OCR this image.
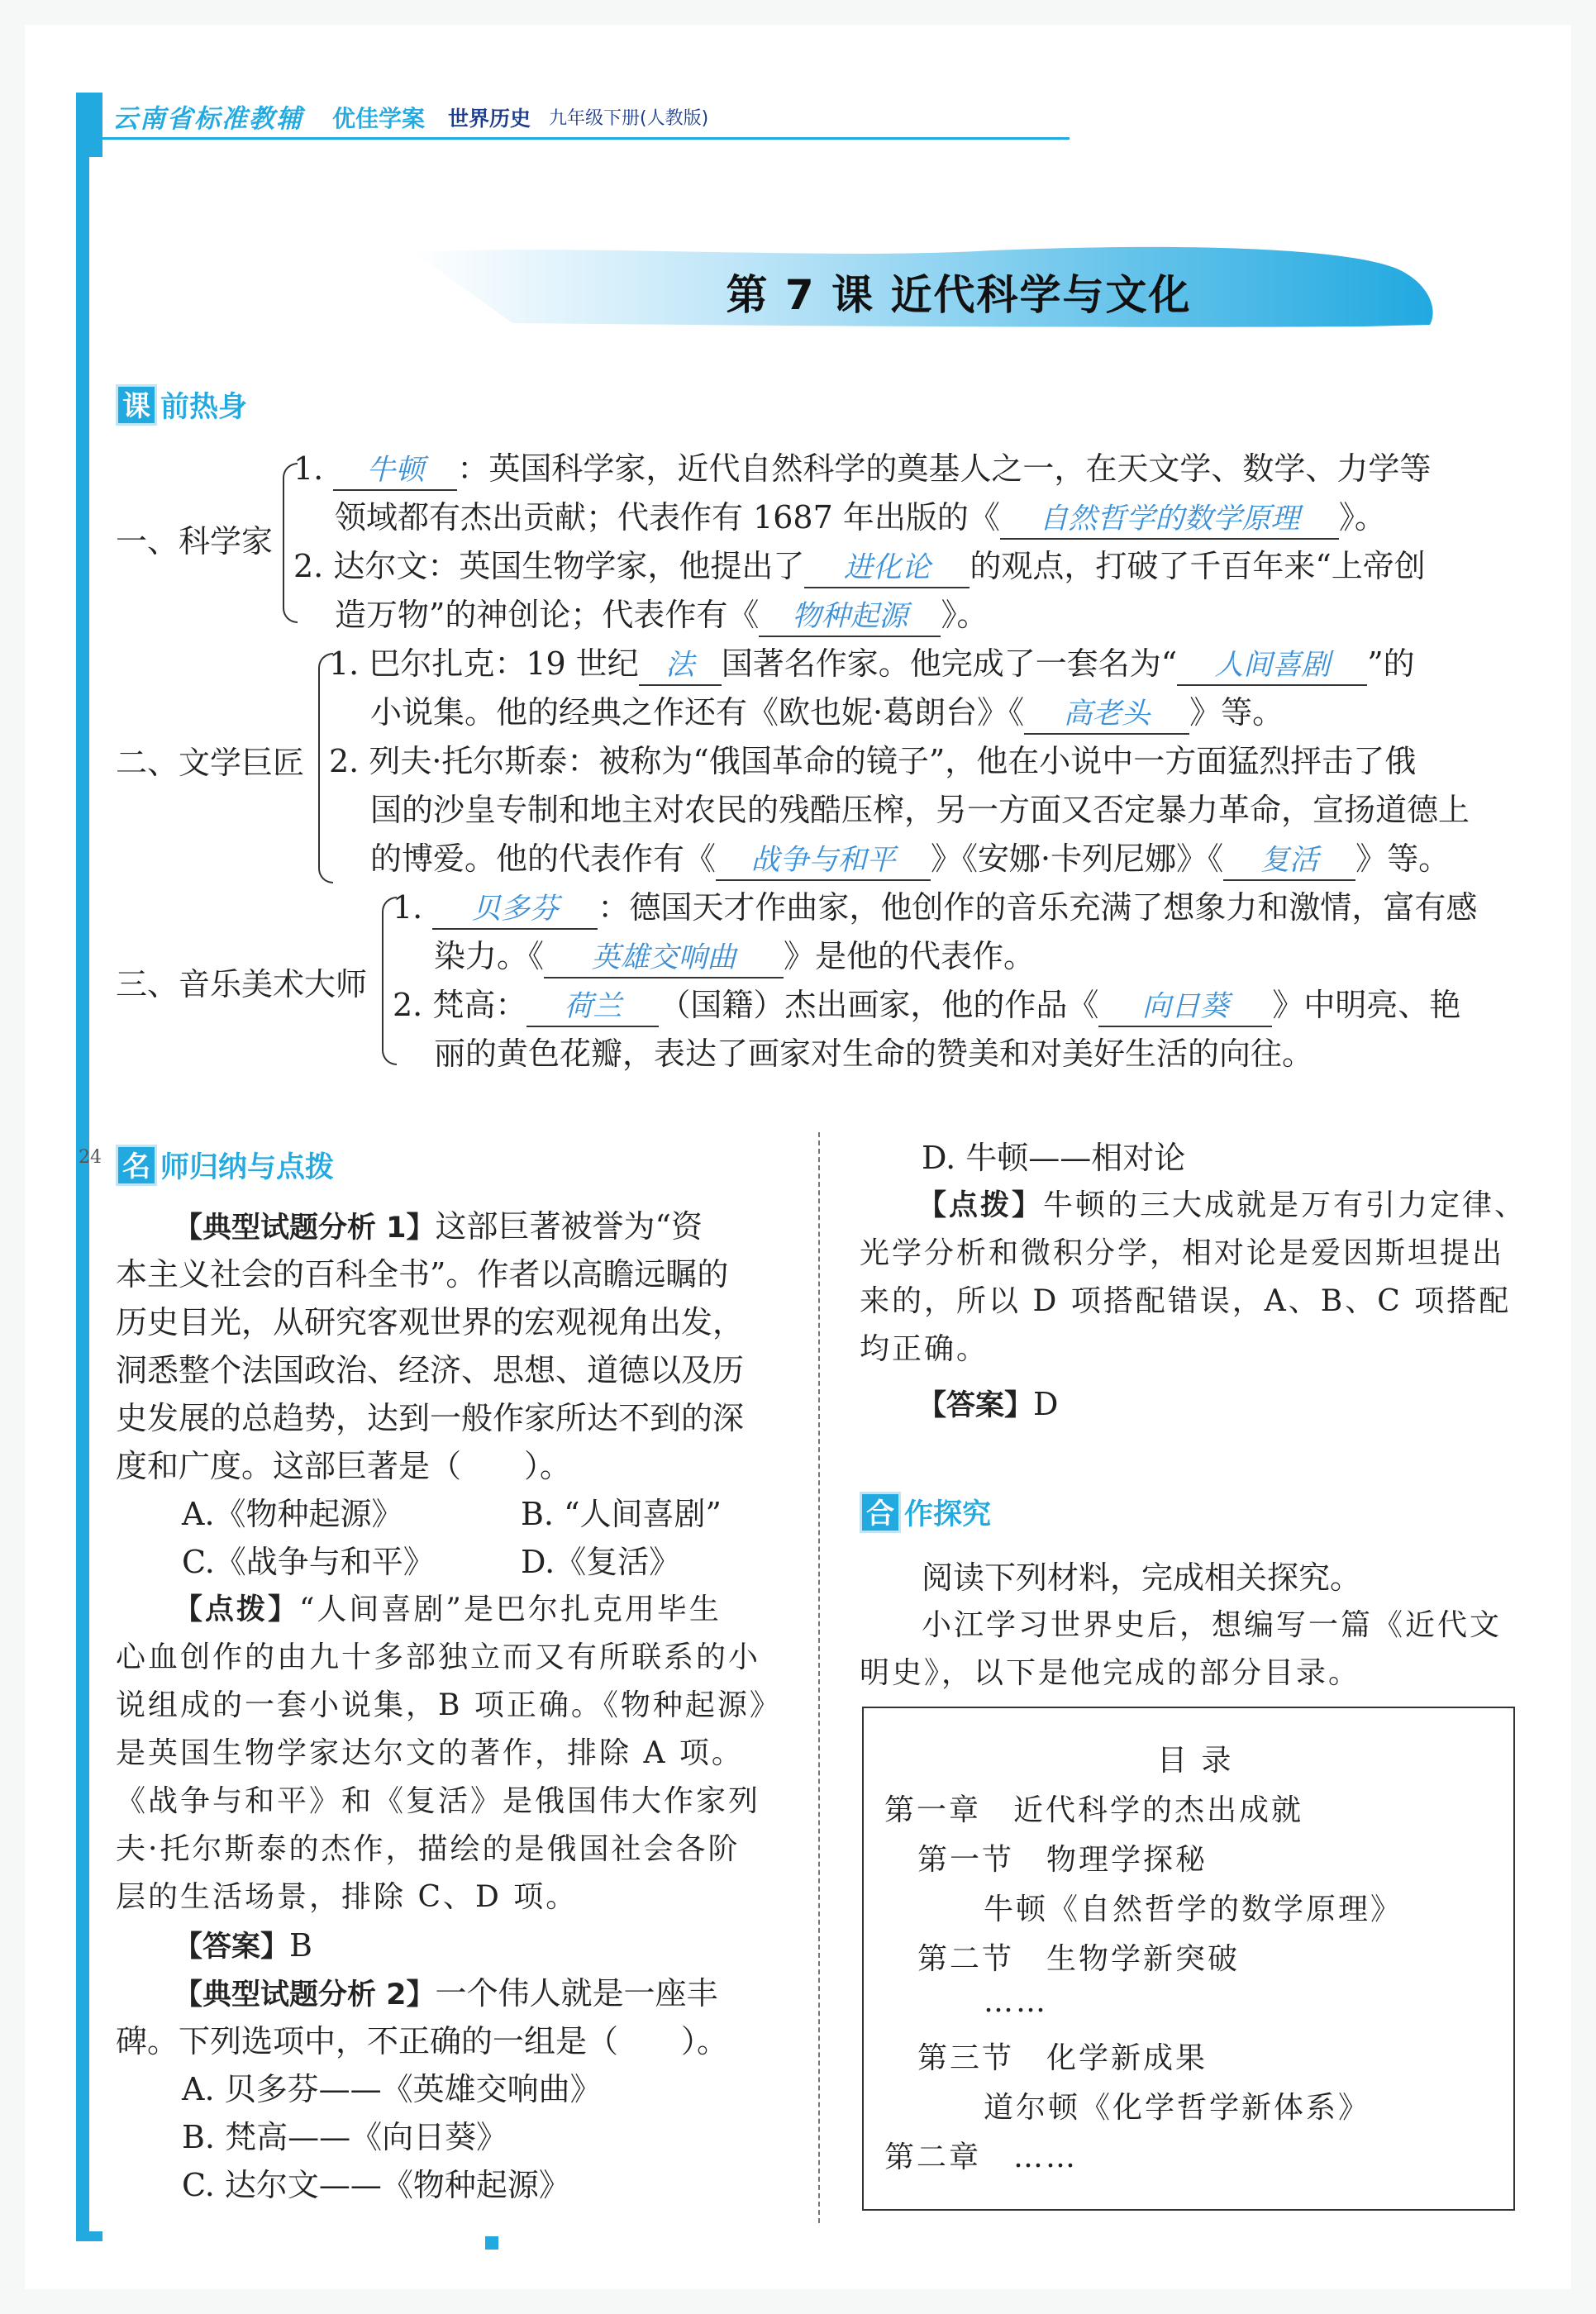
24
云南省标准教辅 优佳学案 世界历史 九年级下册(人教版)
第 7 课 近代科学与文化
课 前热身
一、科学家
二、文学巨匠
三、音乐美术大师
1. 牛顿 ：英国科学家，近代自然科学的奠基人之一，在天文学、数学、力学等
领域都有杰出贡献；代表作有 1687 年出版的《 自然哲学的数学原理 》。
2. 达尔文：英国生物学家，他提出了 进化论 的观点，打破了千百年来“上帝创
造万物”的神创论；代表作有《 物种起源 》。
1. 巴尔扎克：19 世纪 法 国著名作家。他完成了一套名为“ 人间喜剧 ”的
小说集。他的经典之作还有《欧也妮·葛朗台》《 高老头 》等。
2. 列夫·托尔斯泰：被称为“俄国革命的镜子”，他在小说中一方面猛烈抨击了俄
国的沙皇专制和地主对农民的残酷压榨，另一方面又否定暴力革命，宣扬道德上
的博爱。他的代表作有《 战争与和平 》《安娜·卡列尼娜》《 复活 》等。
1. 贝多芬 ：德国天才作曲家，他创作的音乐充满了想象力和激情，富有感
染力。《 英雄交响曲 》是他的代表作。
2. 梵高： 荷兰 （国籍）杰出画家，他的作品《 向日葵 》中明亮、艳
丽的黄色花瓣，表达了画家对生命的赞美和对美好生活的向往。
名 师归纳与点拨
【典型试题分析 1】这部巨著被誉为“资
本主义社会的百科全书”。作者以高瞻远瞩的
历史目光，从研究客观世界的宏观视角出发，
洞悉整个法国政治、经济、思想、道德以及历
史发展的总趋势，达到一般作家所达不到的深
度和广度。这部巨著是（　　）。
A.《物种起源》	B. “人间喜剧”
C.《战争与和平》	D.《复活》
【点拨】“人间喜剧”是巴尔扎克用毕生
心血创作的由九十多部独立而又有所联系的小
说组成的一套小说集，B 项正确。《物种起源》
是英国生物学家达尔文的著作，排除 A 项。
《战争与和平》和《复活》是俄国伟大作家列
夫·托尔斯泰的杰作，描绘的是俄国社会各阶
层的生活场景，排除 C、D 项。
【答案】B
【典型试题分析 2】一个伟人就是一座丰
碑。下列选项中，不正确的一组是（　　）。
A. 贝多芬——《英雄交响曲》
B. 梵高——《向日葵》
C. 达尔文——《物种起源》
D. 牛顿——相对论
【点拨】牛顿的三大成就是万有引力定律、
光学分析和微积分学，相对论是爱因斯坦提出
来的，所以 D 项搭配错误，A、B、C 项搭配
均正确。
【答案】D
合 作探究
阅读下列材料，完成相关探究。
小江学习世界史后，想编写一篇《近代文
明史》，以下是他完成的部分目录。
目 录
第一章　近代科学的杰出成就
第一节　物理学探秘
牛顿《自然哲学的数学原理》
第二节　生物学新突破
……
第三节　化学新成果
道尔顿《化学哲学新体系》
第二章　……
